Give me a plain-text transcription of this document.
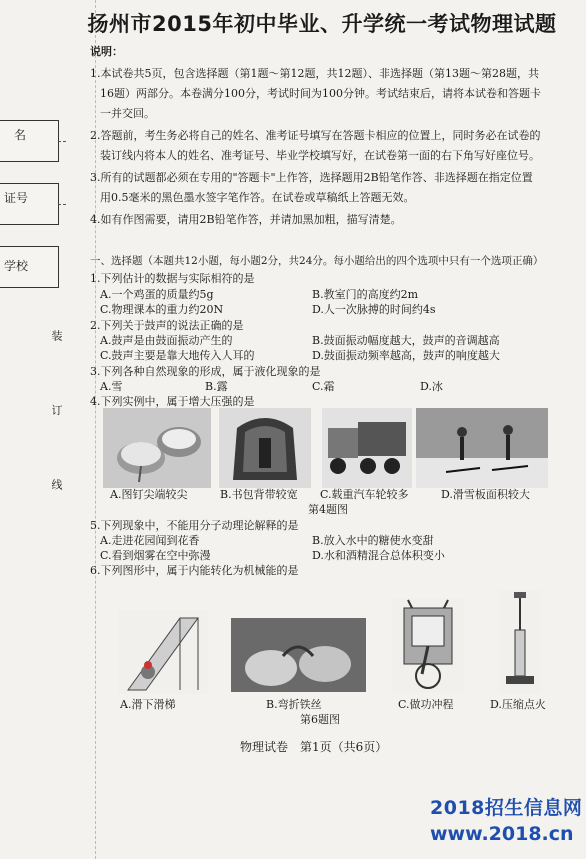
扬州市2015年初中毕业、升学统一考试物理试题
名
证号
学校
装 订 线
说明：
1.本试卷共5页，包含选择题（第1题～第12题，共12题）、非选择题（第13题～第28题，共
16题）两部分。本卷满分100分，考试时间为100分钟。考试结束后，请将本试卷和答题卡
一并交回。
2.答题前，考生务必将自己的姓名、准考证号填写在答题卡相应的位置上，同时务必在试卷的
装订线内将本人的姓名、准考证号、毕业学校填写好，在试卷第一面的右下角写好座位号。
3.所有的试题都必须在专用的"答题卡"上作答，选择题用2B铅笔作答、非选择题在指定位置
用0.5毫米的黑色墨水签字笔作答。在试卷或草稿纸上答题无效。
4.如有作图需要，请用2B铅笔作答，并请加黑加粗，描写清楚。
一、选择题（本题共12小题，每小题2分，共24分。每小题给出的四个选项中只有一个选项正确）
1.下列估计的数据与实际相符的是
A.一个鸡蛋的质量约5g	B.教室门的高度约2m
C.物理课本的重力约20N	D.人一次脉搏的时间约4s
2.下列关于鼓声的说法正确的是
A.鼓声是由鼓面振动产生的	B.鼓面振动幅度越大，鼓声的音调越高
C.鼓声主要是靠大地传入人耳的	D.鼓面振动频率越高，鼓声的响度越大
3.下列各种自然现象的形成，属于液化现象的是
A.雪	B.露	C.霜	D.冰
4.下列实例中，属于增大压强的是
A.图钉尖端较尖	B.书包背带较宽 C.载重汽车轮较多	D.滑雪板面积较大
第4题图
5.下列现象中，不能用分子动理论解释的是
A.走进花园闻到花香	B.放入水中的糖使水变甜
C.看到烟雾在空中弥漫	D.水和酒精混合总体积变小
6.下列图形中，属于内能转化为机械能的是
A.滑下滑梯	B.弯折铁丝	C.做功冲程	D.压缩点火
第6题图
物理试卷　第1页（共6页）
2018招生信息网
www.2018.cn
